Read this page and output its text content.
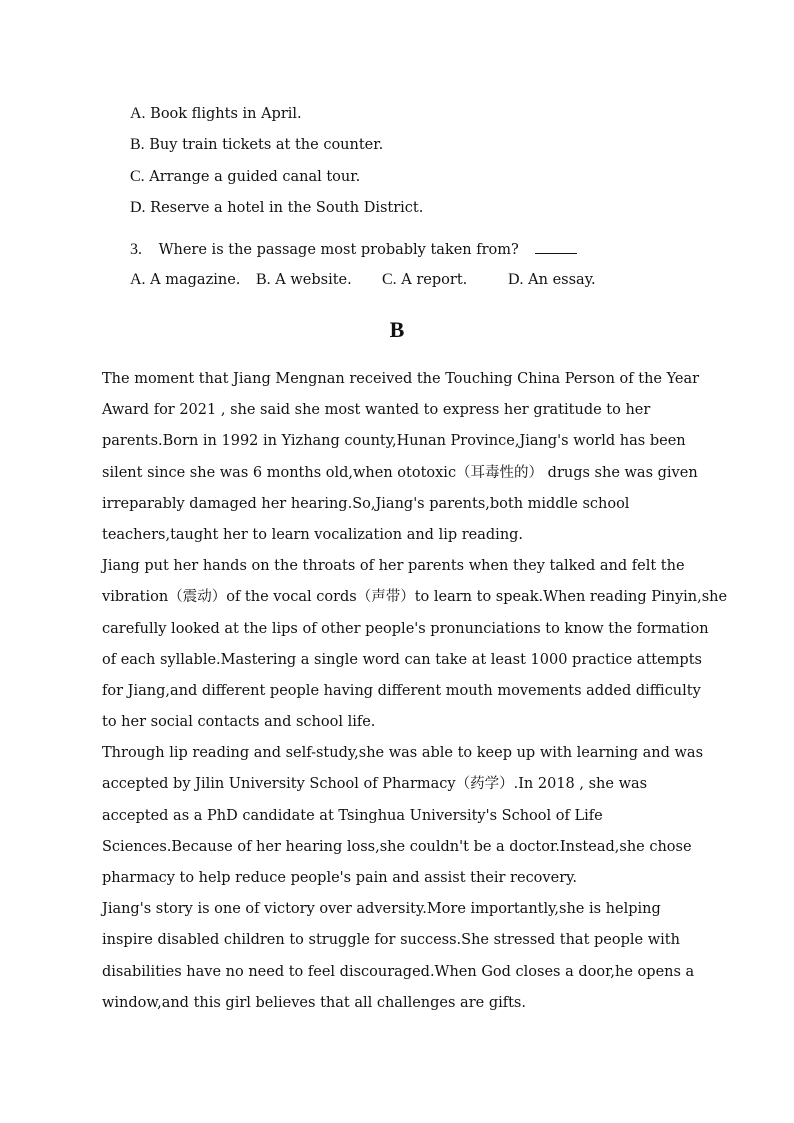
A. Book flights in April.
B. Buy train tickets at the counter.
C. Arrange a guided canal tour.
D. Reserve a hotel in the South District.
3. Where is the passage most probably taken from?
A. A magazine. B. A website. C. A report.	D. An essay.
B
The moment that Jiang Mengnan received the Touching China Person of the Year
Award for 2021 , she said she most wanted to express her gratitude to her
parents.Born in 1992 in Yizhang county,Hunan Province,Jiang's world has been
silent since she was 6 months old,when ototoxic（耳毒性的） drugs she was given
irreparably damaged her hearing.So,Jiang's parents,both middle school
teachers,taught her to learn vocalization and lip reading.
Jiang put her hands on the throats of her parents when they talked and felt the
vibration（震动）of the vocal cords（声带）to learn to speak.When reading Pinyin,she
carefully looked at the lips of other people's pronunciations to know the formation
of each syllable.Mastering a single word can take at least 1000 practice attempts
for Jiang,and different people having different mouth movements added difficulty
to her social contacts and school life.
Through lip reading and self-study,she was able to keep up with learning and was
accepted by Jilin University School of Pharmacy（药学）.In 2018 , she was
accepted as a PhD candidate at Tsinghua University's School of Life
Sciences.Because of her hearing loss,she couldn't be a doctor.Instead,she chose
pharmacy to help reduce people's pain and assist their recovery.
Jiang's story is one of victory over adversity.More importantly,she is helping
inspire disabled children to struggle for success.She stressed that people with
disabilities have no need to feel discouraged.When God closes a door,he opens a
window,and this girl believes that all challenges are gifts.
